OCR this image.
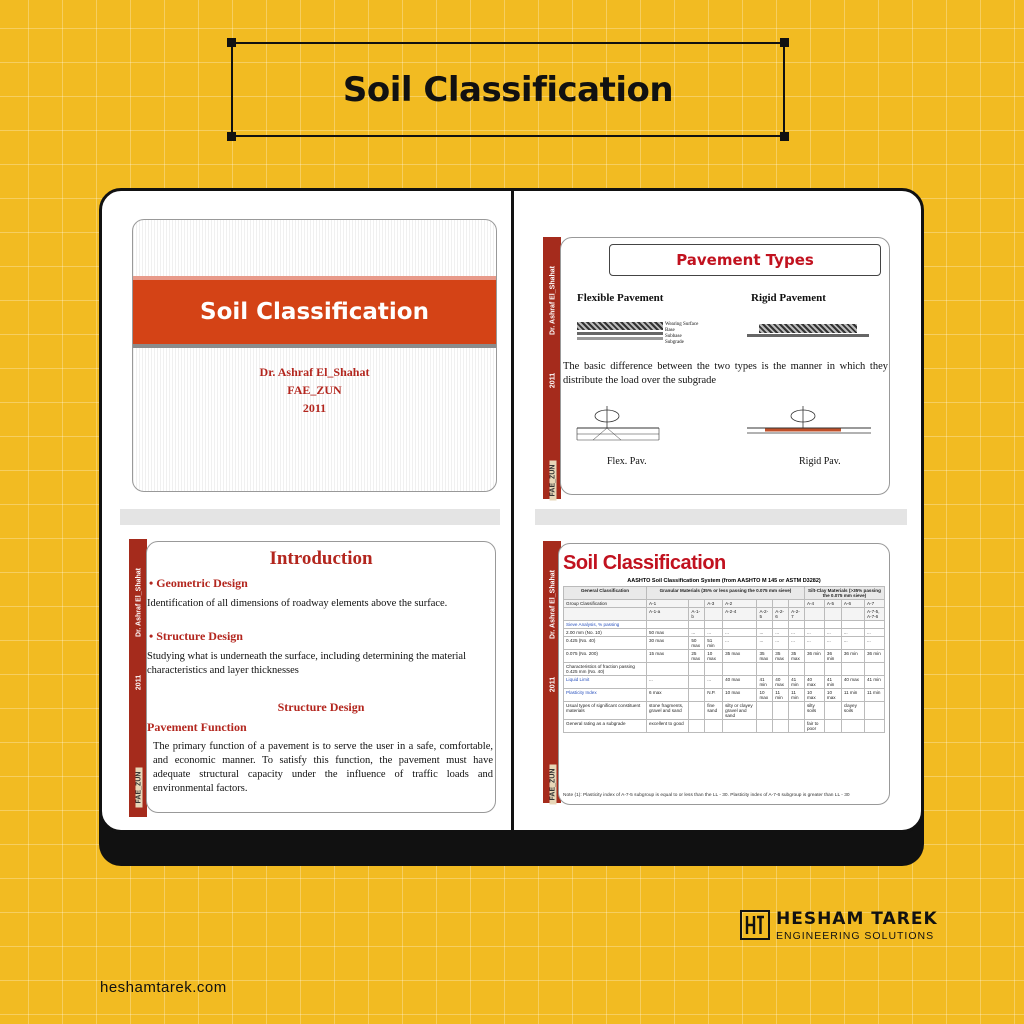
Soil Classification
Soil Classification
Dr. Ashraf El_Shahat
FAE_ZUN
2011
Dr. Ashraf El_Shahat
2011
FAE_ZUN
Pavement Types
Flexible Pavement	Rigid Pavement
Wearing Surface
Base
Subbase
Subgrade
The basic difference between the two types is the manner in which they distribute the load over the subgrade
Flex. Pav.	Rigid Pav.
Dr. Ashraf El_Shahat
2011
FAE_ZUN
Introduction
• Geometric Design
Identification of all dimensions of roadway elements above the surface.
• Structure Design
Studying what is underneath the surface, including determining the material characteristics and layer thicknesses
Structure Design
Pavement Function
The primary function of a pavement is to serve the user in a safe, comfortable, and economic manner. To satisfy this function, the pavement must have adequate structural capacity under the influence of traffic loads and environmental factors.
Dr. Ashraf El_Shahat
2011
FAE_ZUN
Soil Classification
AASHTO Soil Classification System (from AASHTO M 145 or ASTM D3282)
General Classification	Granular Materials (35% or less passing the 0.075 mm sieve)							Silt-Clay Materials (>35% passing the 0.075 mm sieve)			
Group Classification	A-1		A-3	A-2				A-4	A-5	A-6	A-7
	A-1-a	A-1-b		A-2-4	A-2-5	A-2-6	A-2-7				A-7-5, A-7-6
Sieve Analysis, % passing											
2.00 mm (No. 10)	50 max	...	...	...	...	...	...	...	...	...	...
0.425 (No. 40)	30 max	50 max	51 min	...	...	...	...	...	...	...	...
0.075 (No. 200)	15 max	25 max	10 max	35 max	35 max	35 max	35 max	36 min	36 min	36 min	36 min
Characteristics of fraction passing 0.425 mm (No. 40)											
Liquid Limit	...		...	40 max	41 min	40 max	41 min	40 max	41 min	40 max	41 min
Plasticity Index	6 max		N.P.	10 max	10 max	11 min	11 min	10 max	10 max	11 min	11 min
Usual types of significant constituent materials	stone fragments, gravel and sand		fine sand	silty or clayey gravel and sand				silty soils		clayey soils	
General rating as a subgrade	excellent to good							fair to poor			
Note (1): Plasticity index of A-7-5 subgroup is equal to or less than the LL - 30. Plasticity index of A-7-6 subgroup is greater than LL - 30
heshamtarek.com
HESHAM TAREK
ENGINEERING SOLUTIONS
